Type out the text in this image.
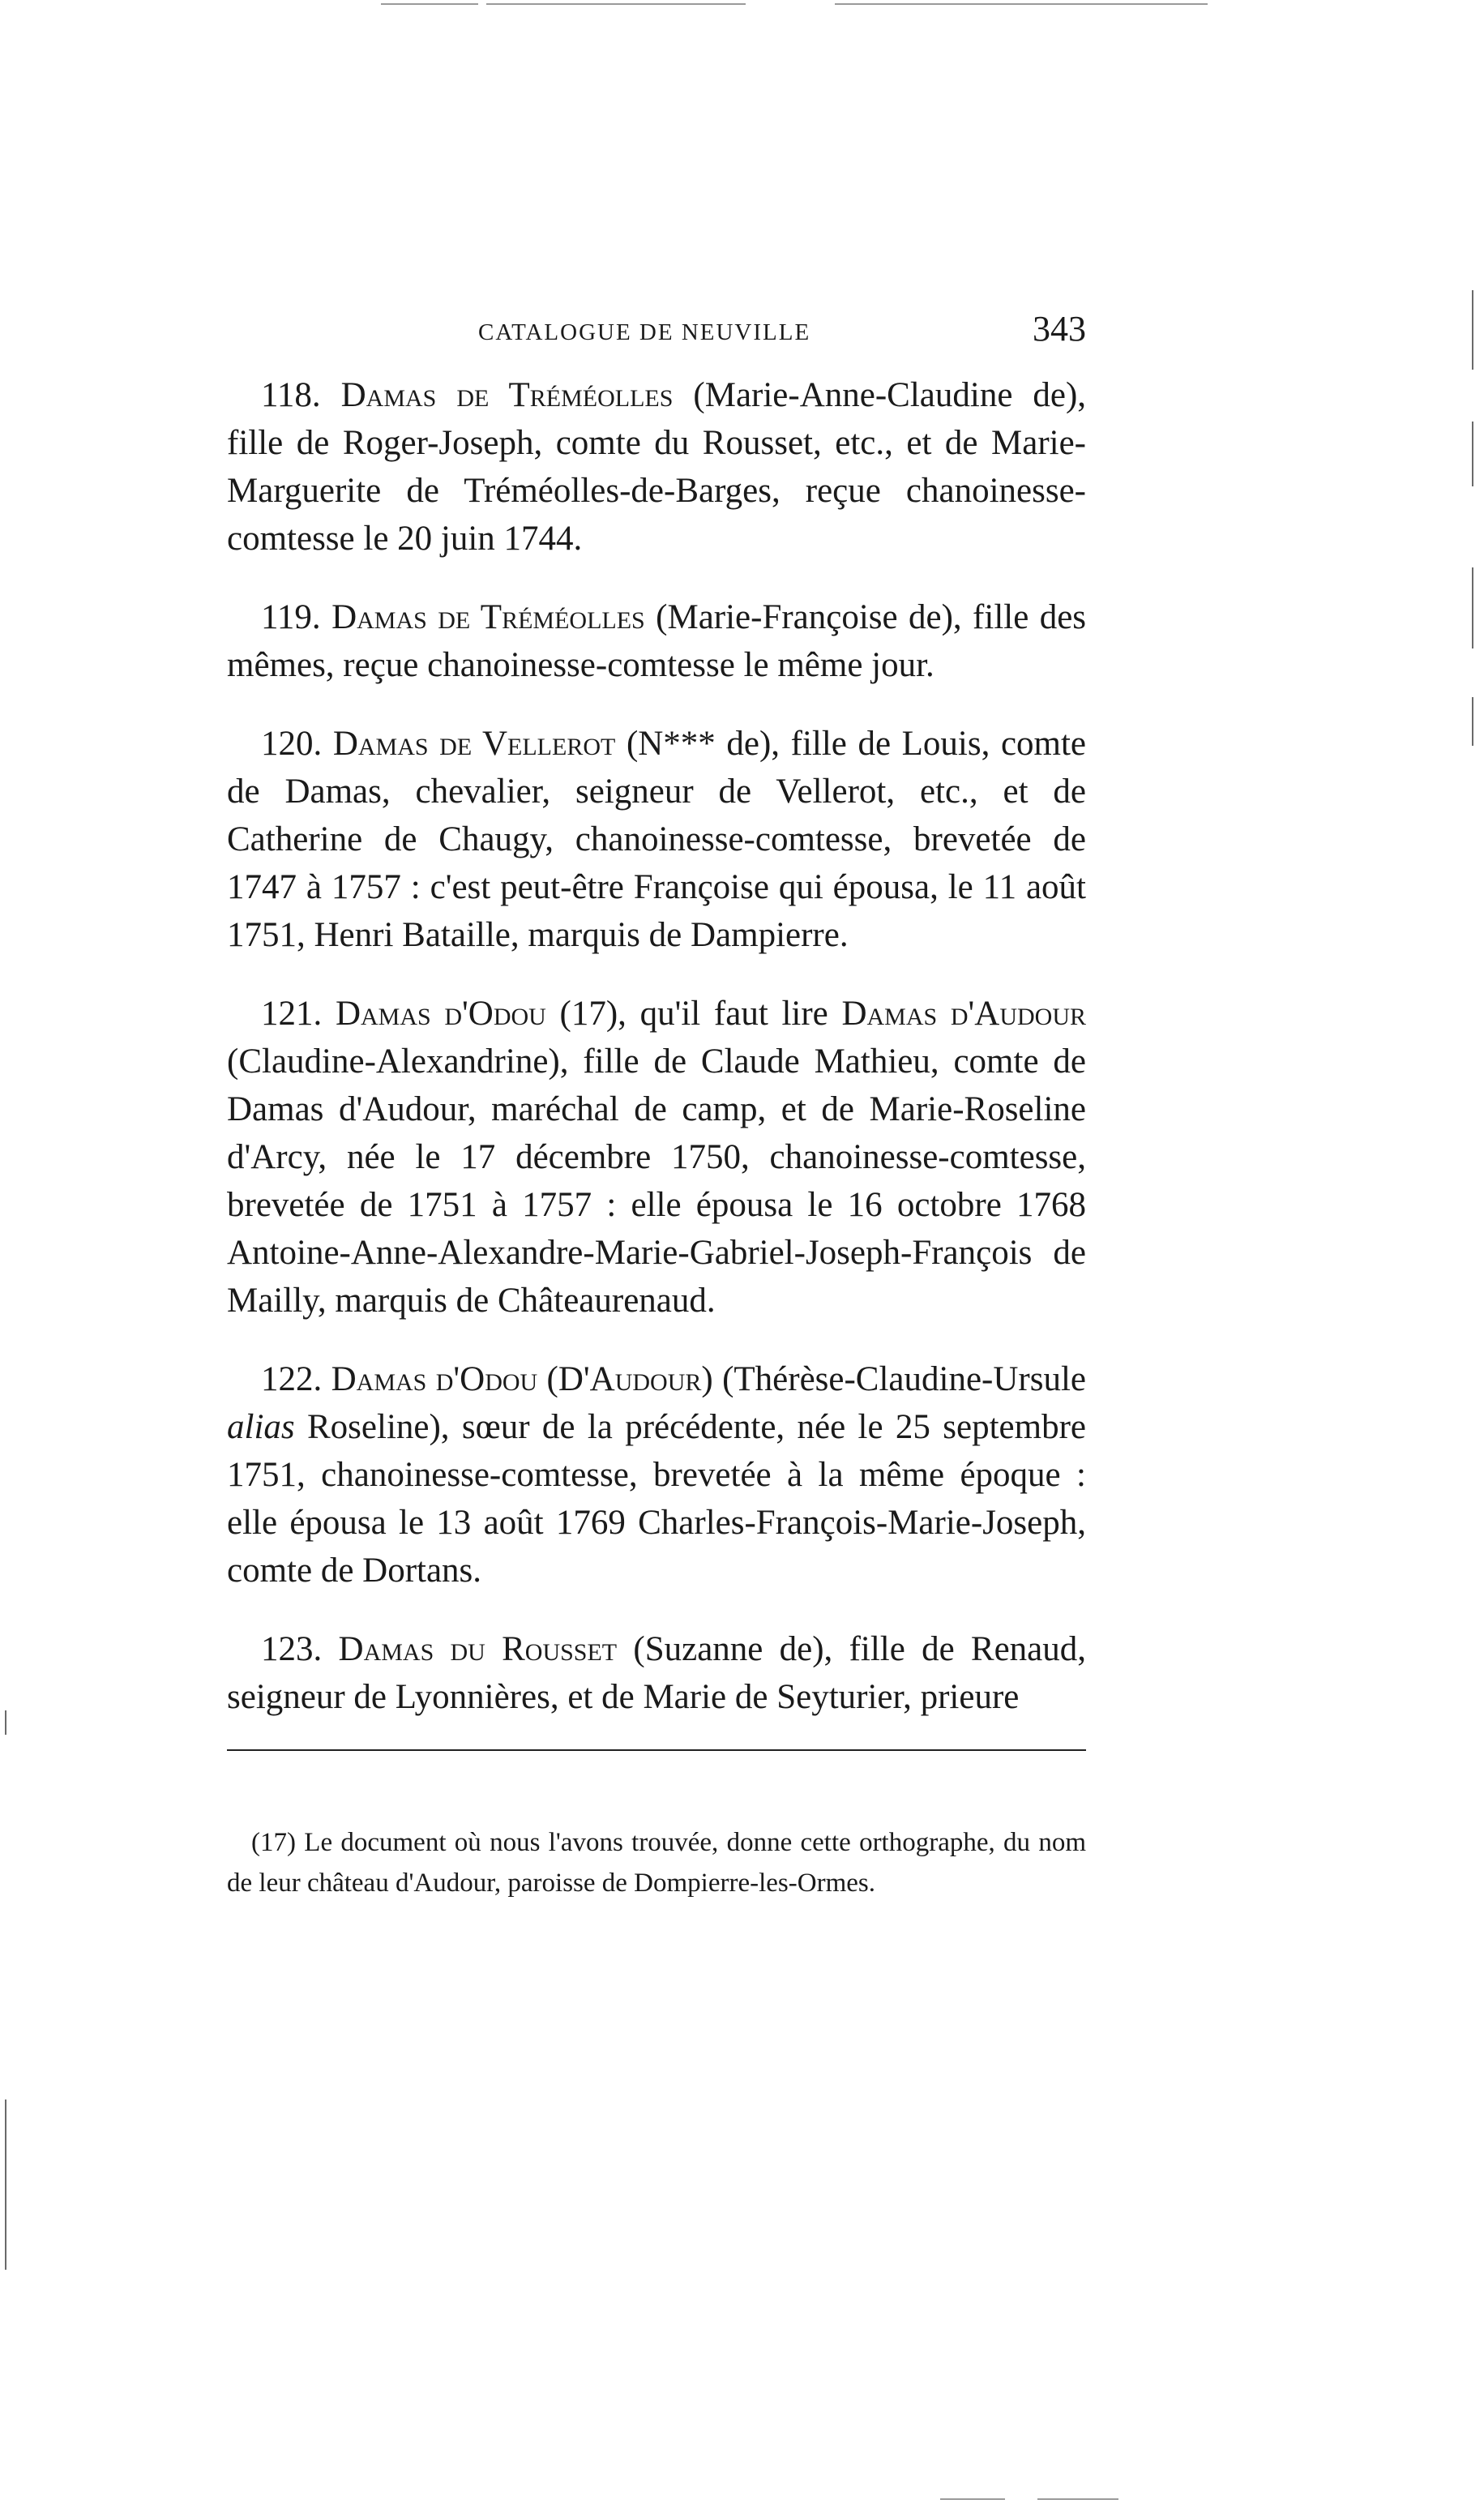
CATALOGUE DE NEUVILLE	343

118. Damas de Tréméolles (Marie-Anne-Claudine de), fille de Roger-Joseph, comte du Rousset, etc., et de Marie-Marguerite de Tréméolles-de-Barges, reçue chanoinesse-comtesse le 20 juin 1744.

119. Damas de Tréméolles (Marie-Françoise de), fille des mêmes, reçue chanoinesse-comtesse le même jour.

120. Damas de Vellerot (N*** de), fille de Louis, comte de Damas, chevalier, seigneur de Vellerot, etc., et de Catherine de Chaugy, chanoinesse-comtesse, brevetée de 1747 à 1757 : c'est peut-être Françoise qui épousa, le 11 août 1751, Henri Bataille, marquis de Dampierre.

121. Damas d'Odou (17), qu'il faut lire Damas d'Audour (Claudine-Alexandrine), fille de Claude Mathieu, comte de Damas d'Audour, maréchal de camp, et de Marie-Roseline d'Arcy, née le 17 décembre 1750, chanoinesse-comtesse, brevetée de 1751 à 1757 : elle épousa le 16 octobre 1768 Antoine-Anne-Alexandre-Marie-Gabriel-Joseph-François de Mailly, marquis de Châteaurenaud.

122. Damas d'Odou (D'Audour) (Thérèse-Claudine-Ursule alias Roseline), sœur de la précédente, née le 25 septembre 1751, chanoinesse-comtesse, brevetée à la même époque : elle épousa le 13 août 1769 Charles-François-Marie-Joseph, comte de Dortans.

123. Damas du Rousset (Suzanne de), fille de Renaud, seigneur de Lyonnières, et de Marie de Seyturier, prieure

(17) Le document où nous l'avons trouvée, donne cette orthographe, du nom de leur château d'Audour, paroisse de Dompierre-les-Ormes.
